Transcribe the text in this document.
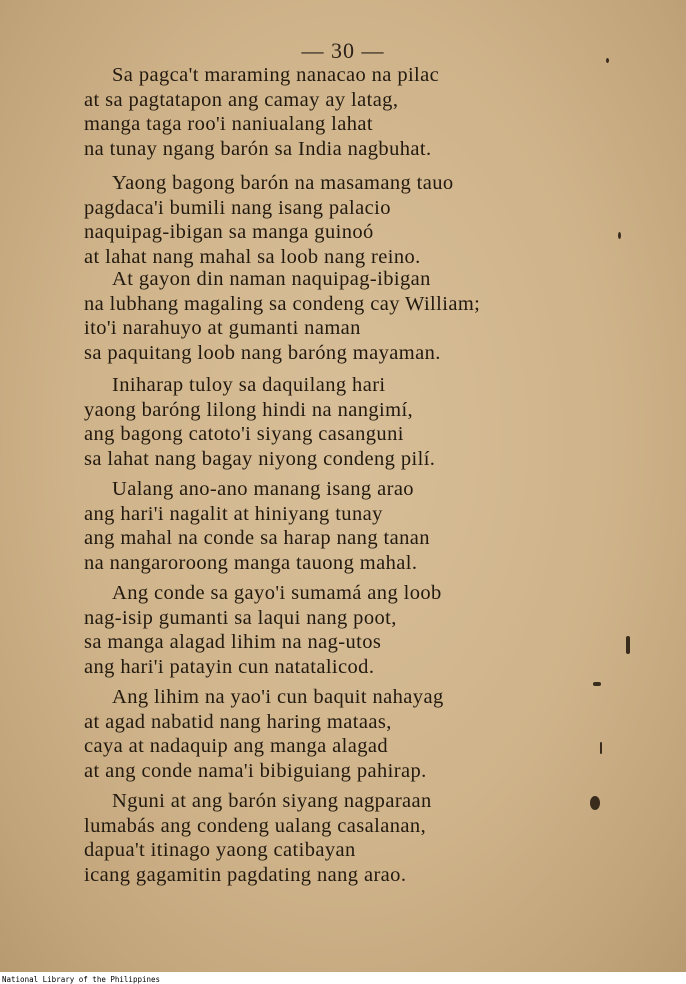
— 30 —
Sa pagca't maraming nanacao na pilac
at sa pagtatapon ang camay ay latag,
manga taga roo'i naniualang lahat
na tunay ngang barón sa India nagbuhat.
Yaong bagong barón na masamang tauo
pagdaca'i bumili nang isang palacio
naquipag-ibigan sa manga guinoó
at lahat nang mahal sa loob nang reino.
At gayon din naman naquipag-ibigan
na lubhang magaling sa condeng cay William;
ito'i narahuyo at gumanti naman
sa paquitang loob nang baróng mayaman.
Iniharap tuloy sa daquilang hari
yaong baróng lilong hindi na nangimí,
ang bagong catoto'i siyang casanguni
sa lahat nang bagay niyong condeng pilí.
Ualang ano-ano manang isang arao
ang hari'i nagalit at hiniyang tunay
ang mahal na conde sa harap nang tanan
na nangaroroong manga tauong mahal.
Ang conde sa gayo'i sumamá ang loob
nag-isip gumanti sa laqui nang poot,
sa manga alagad lihim na nag-utos
ang hari'i patayin cun natatalicod.
Ang lihim na yao'i cun baquit nahayag
at agad nabatid nang haring mataas,
caya at nadaquip ang manga alagad
at ang conde nama'i bibiguiang pahirap.
Nguni at ang barón siyang nagparaan
lumabás ang condeng ualang casalanan,
dapua't itinago yaong catibayan
icang gagamitin pagdating nang arao.
National Library of the Philippines
